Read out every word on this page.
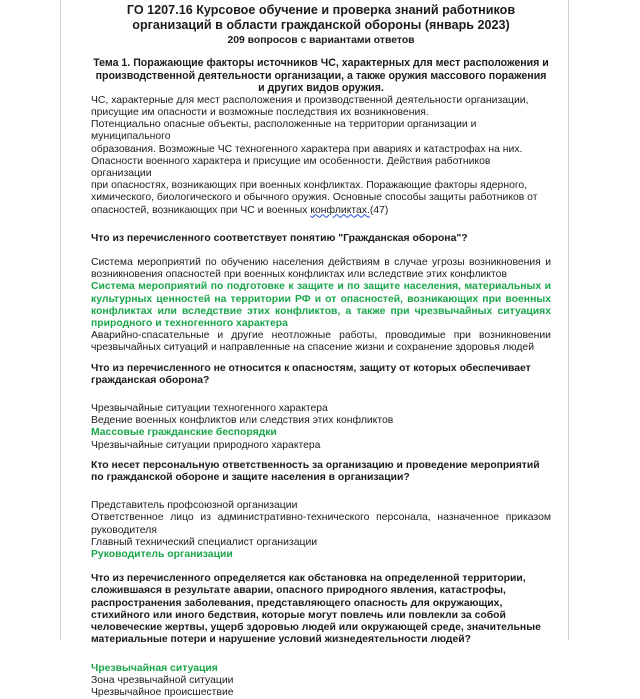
ГО 1207.16 Курсовое обучение и проверка знаний работников
организаций в области гражданской обороны (январь 2023)

209 вопросов с вариантами ответов

Тема 1. Поражающие факторы источников ЧС, характерных для мест расположения и производственной деятельности организации, а также оружия массового поражения и других видов оружия.

ЧС, характерные для мест расположения и производственной деятельности организации,

присущие им опасности и возможные последствия их возникновения.

Потенциально опасные объекты, расположенные на территории организации и муниципального

образования. Возможные ЧС техногенного характера при авариях и катастрофах на них.

Опасности военного характера и присущие им особенности. Действия работников организации

при опасностях, возникающих при военных конфликтах. Поражающие факторы ядерного,

химического, биологического и обычного оружия. Основные способы защиты работников от

опасностей, возникающих при ЧС и военных конфликтах.(47)

Что из перечисленного соответствует понятию "Гражданская оборона"?

Система мероприятий по обучению населения действиям в случае угрозы возникновения и возникновения опасностей при военных конфликтах или вследствие этих конфликтов

Система мероприятий по подготовке к защите и по защите населения, материальных и культурных ценностей на территории РФ и от опасностей, возникающих при военных конфликтах или вследствие этих конфликтов, а также при чрезвычайных ситуациях природного и техногенного характера

Аварийно-спасательные и другие неотложные работы, проводимые при возникновении чрезвычайных ситуаций и направленные на спасение жизни и сохранение здоровья людей

Что из перечисленного не относится к опасностям, защиту от которых обеспечивает гражданская оборона?

Чрезвычайные ситуации техногенного характера

Ведение военных конфликтов или следствия этих конфликтов

Массовые гражданские беспорядки

Чрезвычайные ситуации природного характера

Кто несет персональную ответственность за организацию и проведение мероприятий по гражданской обороне и защите населения в организации?

Представитель профсоюзной организации

Ответственное лицо из административно-технического персонала, назначенное приказом руководителя

Главный технический специалист организации

Руководитель организации

Что из перечисленного определяется как обстановка на определенной территории, сложившаяся в результате аварии, опасного природного явления, катастрофы, распространения заболевания, представляющего опасность для окружающих, стихийного или иного бедствия, которые могут повлечь или повлекли за собой человеческие жертвы, ущерб здоровью людей или окружающей среде, значительные материальные потери и нарушение условий жизнедеятельности людей?

Чрезвычайная ситуация

Зона чрезвычайной ситуации

Чрезвычайное происшествие
